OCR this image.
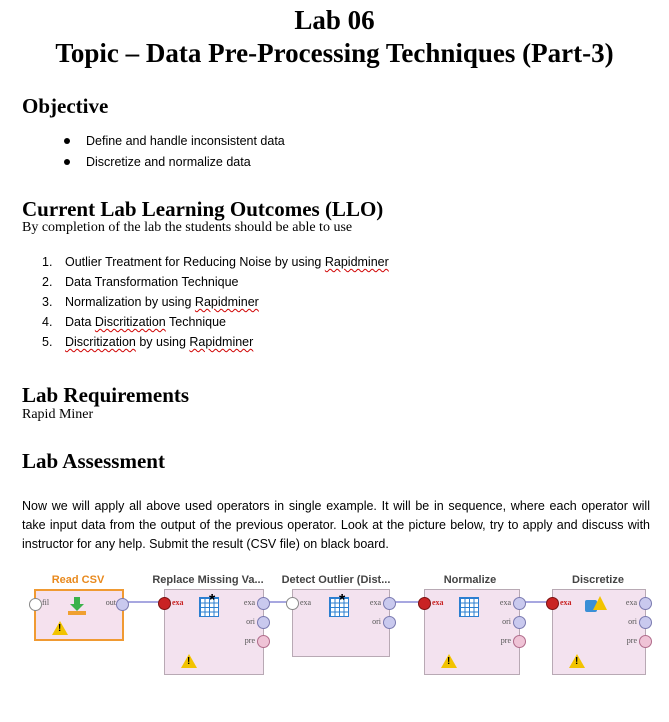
Lab 06
Topic – Data Pre-Processing Techniques (Part-3)
Objective
Define and handle inconsistent data
Discretize and normalize data
Current Lab Learning Outcomes (LLO)
By completion of the lab the students should be able to use
1. Outlier Treatment for Reducing Noise by using Rapidminer
2. Data Transformation Technique
3. Normalization by using Rapidminer
4. Data Discritization Technique
5. Discritization by using Rapidminer
Lab Requirements
Rapid Miner
Lab Assessment
Now we will apply all above used operators in single example. It will be in sequence, where each operator will take input data from the output of the previous operator. Look at the picture below, try to apply and discuss with instructor for any help. Submit the result (CSV file) on black board.
Read CSV
fil	out
!
Replace Missing Va...
exa	exa
ori
pre
*
!
Detect Outlier (Dist...
exa	exa
ori
*
Normalize
exa	exa
ori
pre
!
Discretize
exa	exa
ori
pre
!
